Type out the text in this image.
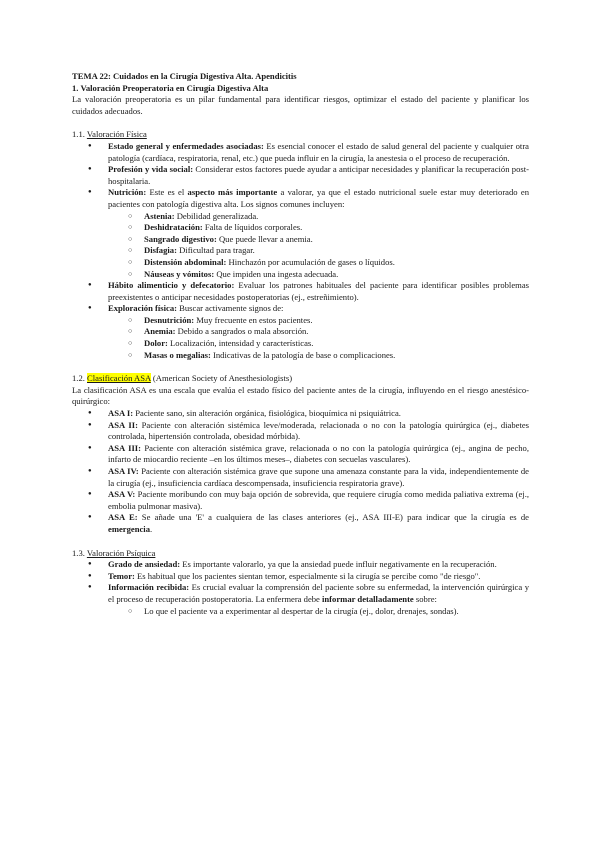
TEMA 22: Cuidados en la Cirugía Digestiva Alta. Apendicitis

1. Valoración Preoperatoria en Cirugía Digestiva Alta

La valoración preoperatoria es un pilar fundamental para identificar riesgos, optimizar el estado del paciente y planificar los cuidados adecuados.

1.1. Valoración Física

● Estado general y enfermedades asociadas: Es esencial conocer el estado de salud general del paciente y cualquier otra patología (cardíaca, respiratoria, renal, etc.) que pueda influir en la cirugía, la anestesia o el proceso de recuperación.
● Profesión y vida social: Considerar estos factores puede ayudar a anticipar necesidades y planificar la recuperación post-hospitalaria.
● Nutrición: Este es el aspecto más importante a valorar, ya que el estado nutricional suele estar muy deteriorado en pacientes con patología digestiva alta. Los signos comunes incluyen:
○ Astenia: Debilidad generalizada.
○ Deshidratación: Falta de líquidos corporales.
○ Sangrado digestivo: Que puede llevar a anemia.
○ Disfagia: Dificultad para tragar.
○ Distensión abdominal: Hinchazón por acumulación de gases o líquidos.
○ Náuseas y vómitos: Que impiden una ingesta adecuada.
● Hábito alimenticio y defecatorio: Evaluar los patrones habituales del paciente para identificar posibles problemas preexistentes o anticipar necesidades postoperatorias (ej., estreñimiento).
● Exploración física: Buscar activamente signos de:
○ Desnutrición: Muy frecuente en estos pacientes.
○ Anemia: Debido a sangrados o mala absorción.
○ Dolor: Localización, intensidad y características.
○ Masas o megalias: Indicativas de la patología de base o complicaciones.

1.2. Clasificación ASA (American Society of Anesthesiologists)

La clasificación ASA es una escala que evalúa el estado físico del paciente antes de la cirugía, influyendo en el riesgo anestésico-quirúrgico:

● ASA I: Paciente sano, sin alteración orgánica, fisiológica, bioquímica ni psiquiátrica.
● ASA II: Paciente con alteración sistémica leve/moderada, relacionada o no con la patología quirúrgica (ej., diabetes controlada, hipertensión controlada, obesidad mórbida).
● ASA III: Paciente con alteración sistémica grave, relacionada o no con la patología quirúrgica (ej., angina de pecho, infarto de miocardio reciente –en los últimos meses–, diabetes con secuelas vasculares).
● ASA IV: Paciente con alteración sistémica grave que supone una amenaza constante para la vida, independientemente de la cirugía (ej., insuficiencia cardíaca descompensada, insuficiencia respiratoria grave).
● ASA V: Paciente moribundo con muy baja opción de sobrevida, que requiere cirugía como medida paliativa extrema (ej., embolia pulmonar masiva).
● ASA E: Se añade una 'E' a cualquiera de las clases anteriores (ej., ASA III-E) para indicar que la cirugía es de emergencia.

1.3. Valoración Psíquica

● Grado de ansiedad: Es importante valorarlo, ya que la ansiedad puede influir negativamente en la recuperación.
● Temor: Es habitual que los pacientes sientan temor, especialmente si la cirugía se percibe como "de riesgo".
● Información recibida: Es crucial evaluar la comprensión del paciente sobre su enfermedad, la intervención quirúrgica y el proceso de recuperación postoperatoria. La enfermera debe informar detalladamente sobre:
○ Lo que el paciente va a experimentar al despertar de la cirugía (ej., dolor, drenajes, sondas).
